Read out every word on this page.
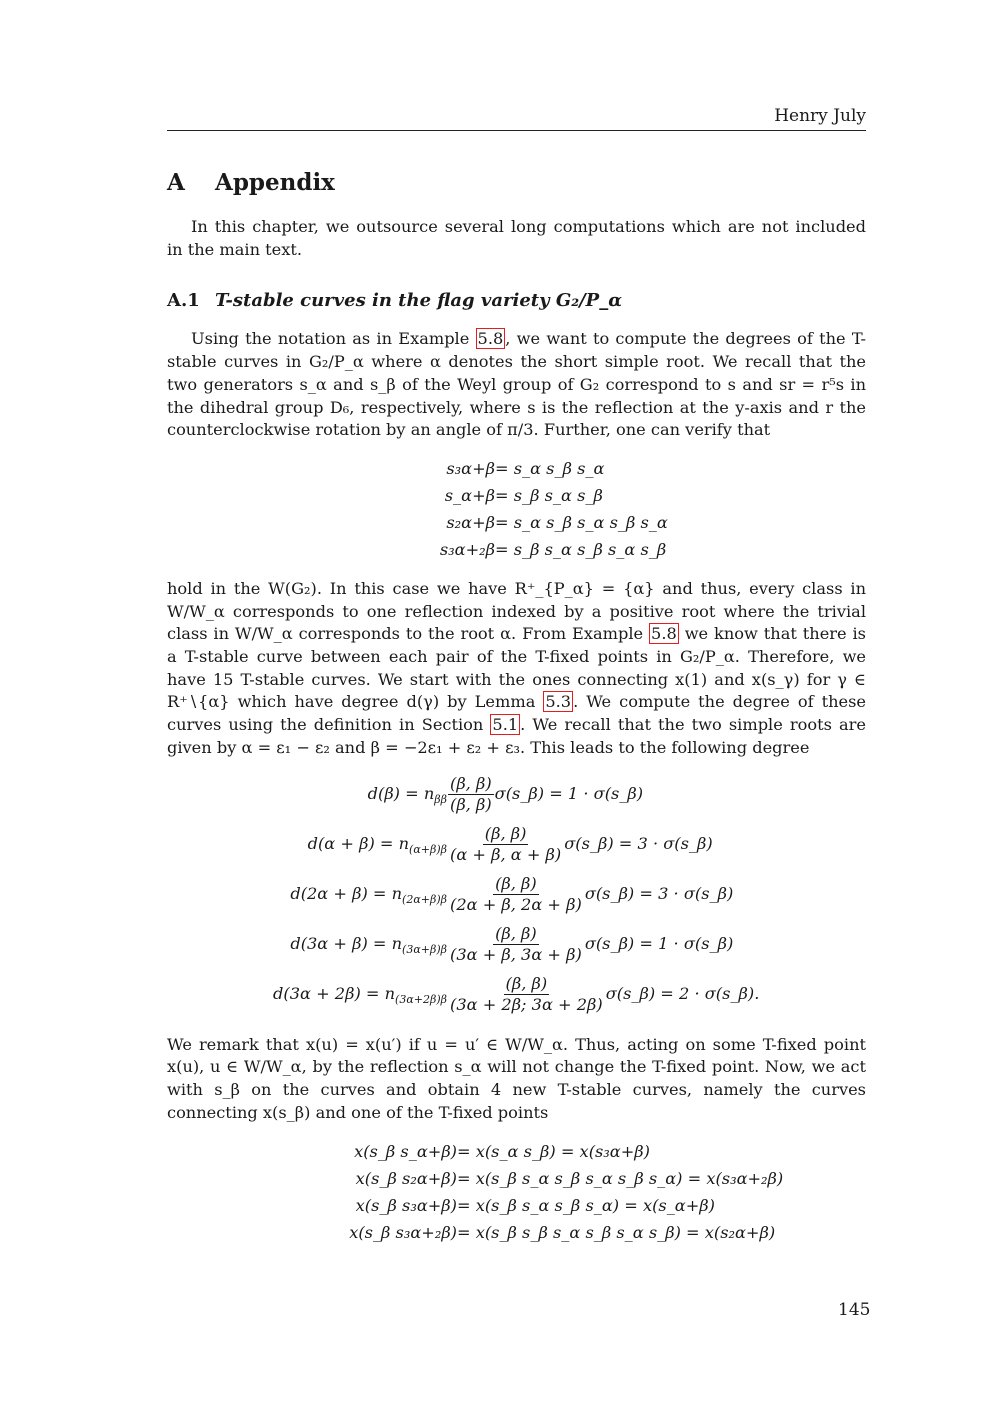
Henry July
A Appendix

In this chapter, we outsource several long computations which are not included in the main text.

A.1 T-stable curves in the flag variety G₂/P_α

Using the notation as in Example 5.8 , we want to compute the degrees of the T-stable curves in G₂/P_α where α denotes the short simple root. We recall that the two generators s_α and s_β of the Weyl group of G₂ correspond to s and sr = r⁵s in the dihedral group D₆, respectively, where s is the reflection at the y-axis and r the counterclockwise rotation by an angle of π/3. Further, one can verify that

s₃α+β = s_α s_β s_α
s_α+β = s_β s_α s_β
s₂α+β = s_α s_β s_α s_β s_α
s₃α+₂β = s_β s_α s_β s_α s_β

hold in the W(G₂). In this case we have R⁺_{P_α} = {α} and thus, every class in W/W_α corresponds to one reflection indexed by a positive root where the trivial class in W/W_α corresponds to the root α. From Example 5.8 we know that there is a T-stable curve between each pair of the T-fixed points in G₂/P_α. Therefore, we have 15 T-stable curves. We start with the ones connecting x(1) and x(s_γ) for γ ∈ R⁺∖{α} which have degree d(γ) by Lemma 5.3 . We compute the degree of these curves using the definition in Section 5.1 . We recall that the two simple roots are given by α = ε₁ − ε₂ and β = −2ε₁ + ε₂ + ε₃. This leads to the following degree

$d(\beta) = n_{\beta\beta} \frac{(\beta, \beta)}{(\beta, \beta)}$ σ(s_β) = 1 · σ(s_β)
$d(\alpha + \beta) = n_{(\alpha+\beta)\beta} \frac{(\beta, \beta)}{(\alpha + \beta, \alpha + \beta)}$ σ(s_β) = 3 · σ(s_β)
$d(2\alpha + \beta) = n_{(2\alpha+\beta)\beta} \frac{(\beta, \beta)}{(2\alpha + \beta, 2\alpha + \beta)}$ σ(s_β) = 3 · σ(s_β)
$d(3\alpha + \beta) = n_{(3\alpha+\beta)\beta} \frac{(\beta, \beta)}{(3\alpha + \beta, 3\alpha + \beta)}$ σ(s_β) = 1 · σ(s_β)
$d(3\alpha + 2\beta) = n_{(3\alpha+2\beta)\beta} \frac{(\beta, \beta)}{(3\alpha + 2\beta; 3\alpha + 2\beta)}$ σ(s_β) = 2 · σ(s_β).

We remark that x(u) = x(u′) if u = u′ ∈ W/W_α. Thus, acting on some T-fixed point x(u), u ∈ W/W_α, by the reflection s_α will not change the T-fixed point. Now, we act with s_β on the curves and obtain 4 new T-stable curves, namely the curves connecting x(s_β) and one of the T-fixed points

x(s_β s_α+β) = x(s_α s_β) = x(s₃α+β)
x(s_β s₂α+β) = x(s_β s_α s_β s_α s_β s_α) = x(s₃α+₂β)
x(s_β s₃α+β) = x(s_β s_α s_β s_α) = x(s_α+β)
x(s_β s₃α+₂β) = x(s_β s_β s_α s_β s_α s_β) = x(s₂α+β)
145
